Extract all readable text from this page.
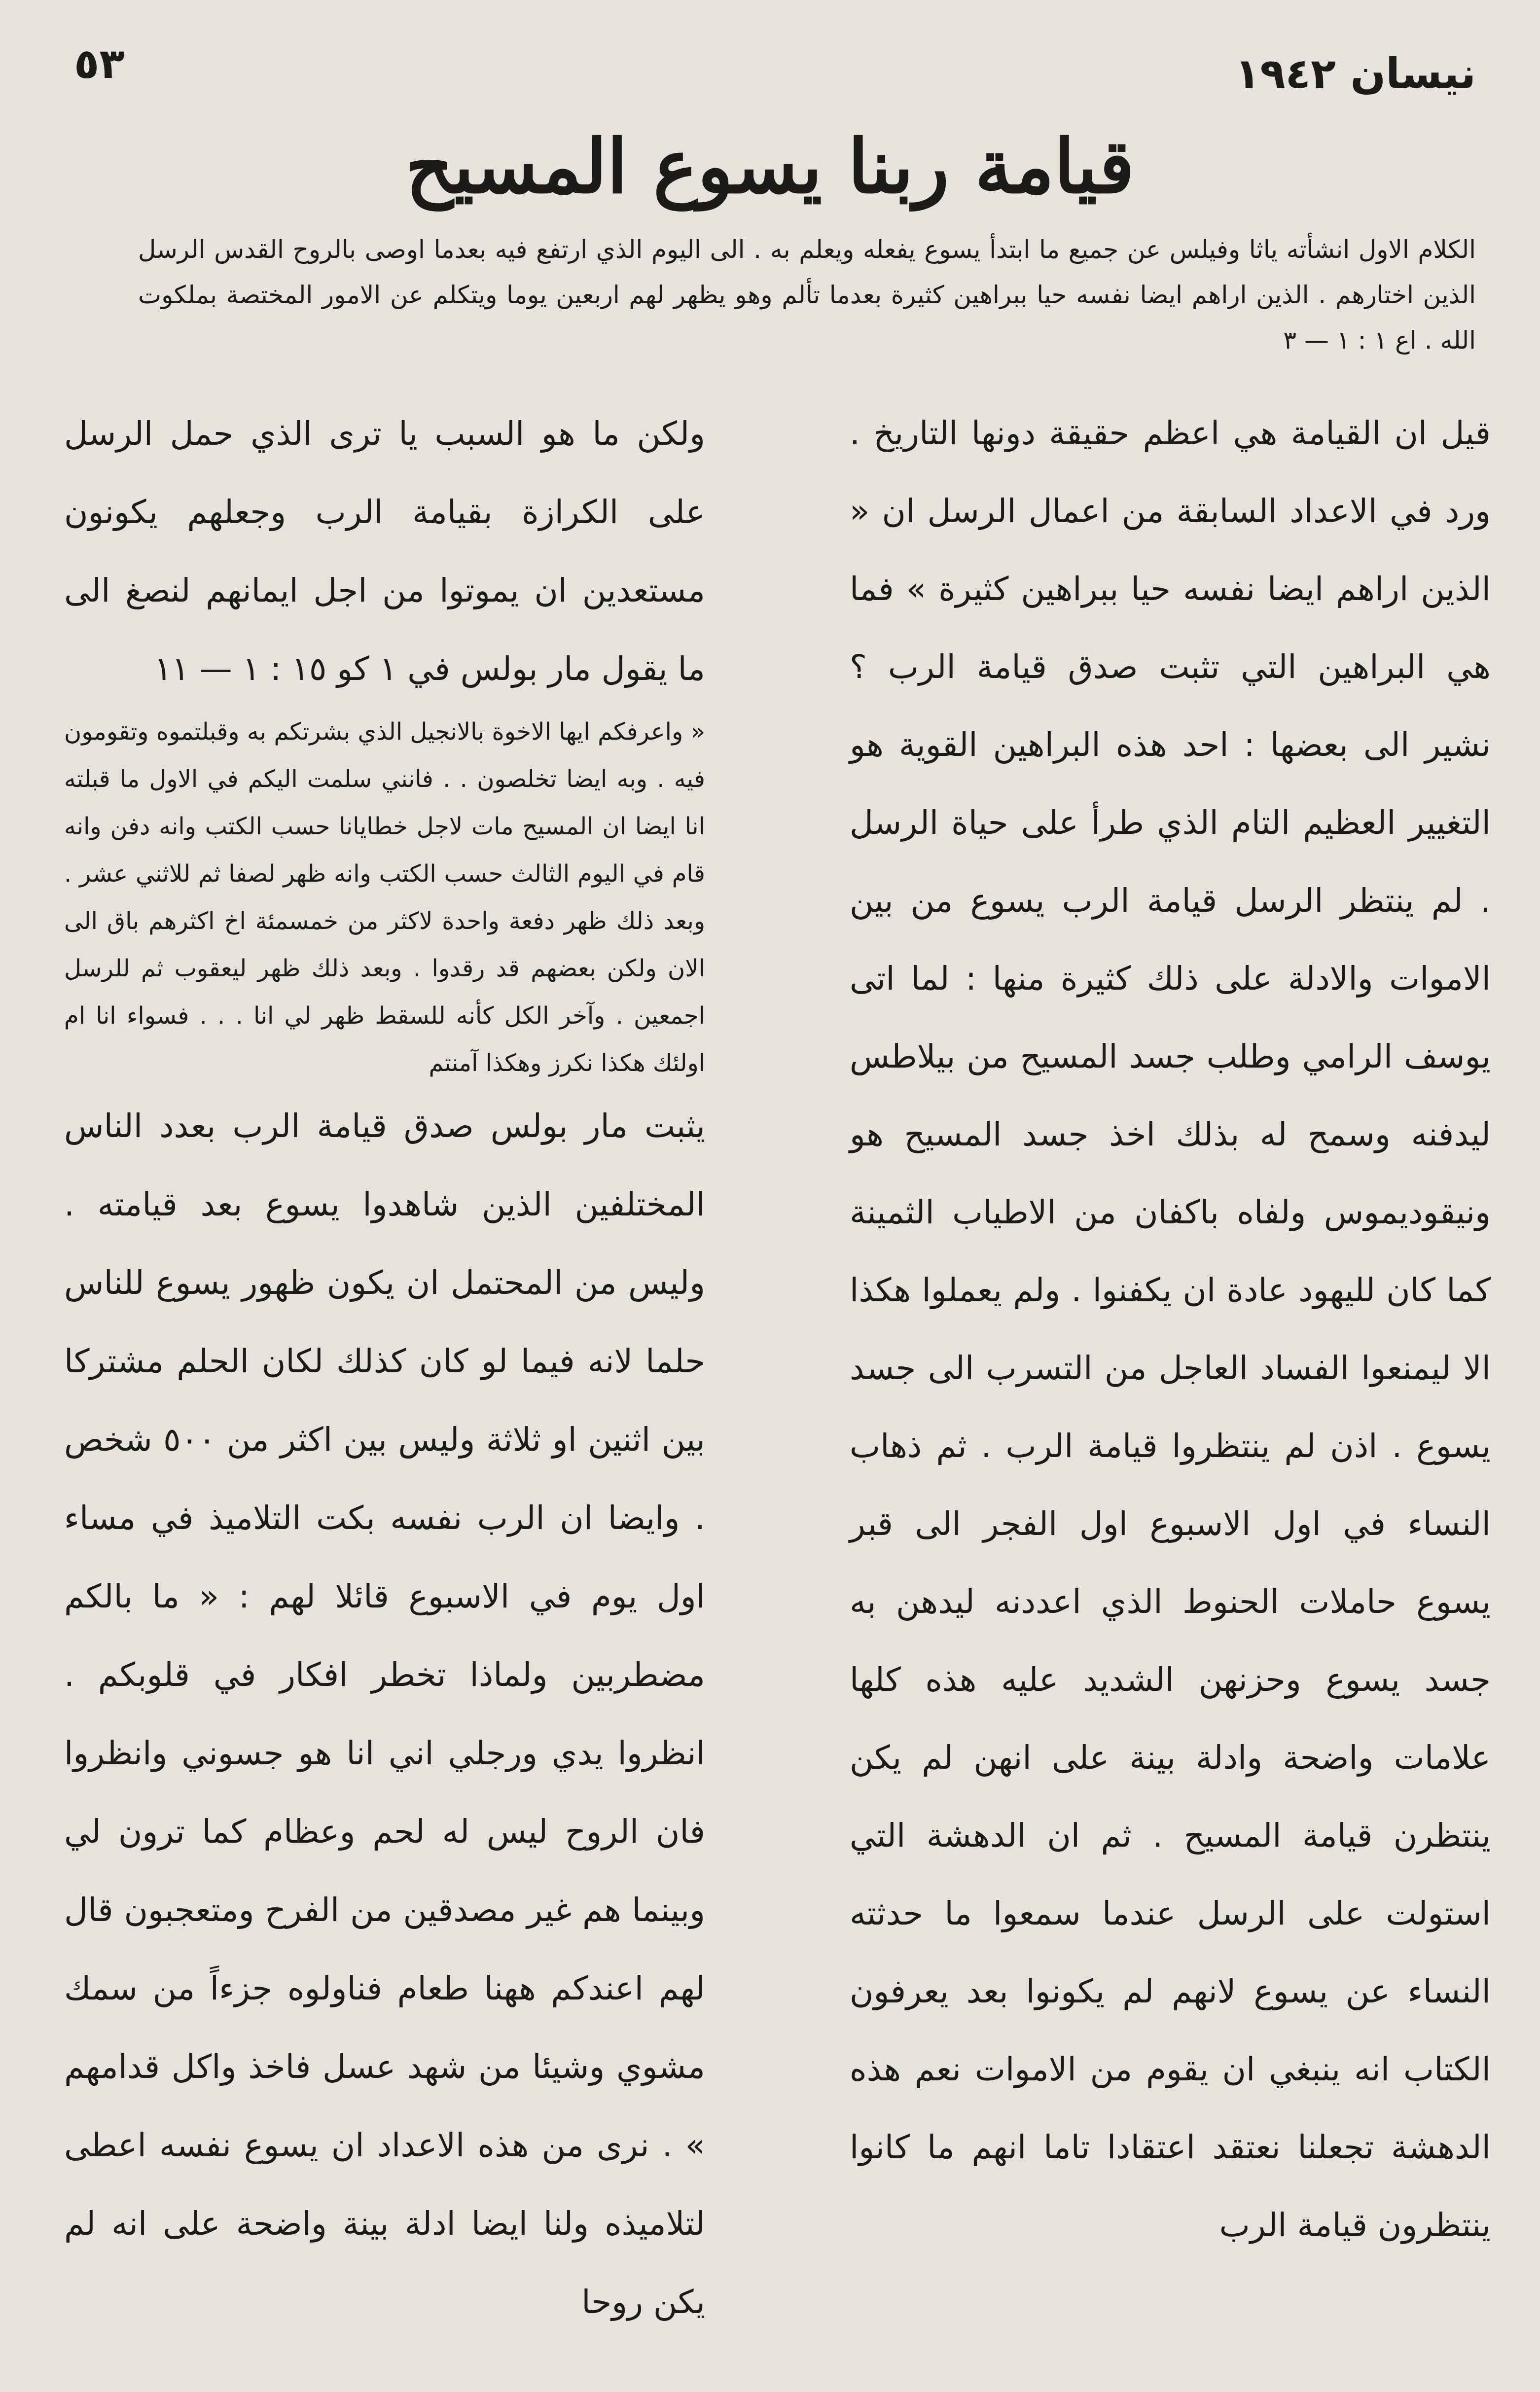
٥٣	نيسان ١٩٤٢
قيامة ربنا يسوع المسيح
الكلام الاول انشأته ياثا وفيلس عن جميع ما ابتدأ يسوع يفعله ويعلم به . الى اليوم الذي ارتفع فيه بعدما اوصى بالروح القدس الرسل الذين اختارهم . الذين اراهم ايضا نفسه حيا ببراهين كثيرة بعدما تألم وهو يظهر لهم اربعين يوما ويتكلم عن الامور المختصة بملكوت الله . اع ١ : ١ — ٣

قيل ان القيامة هي اعظم حقيقة دونها التاريخ . ورد في الاعداد السابقة من اعمال الرسل ان « الذين اراهم ايضا نفسه حيا ببراهين كثيرة » فما هي البراهين التي تثبت صدق قيامة الرب ؟ نشير الى بعضها : احد هذه البراهين القوية هو التغيير العظيم التام الذي طرأ على حياة الرسل . لم ينتظر الرسل قيامة الرب يسوع من بين الاموات والادلة على ذلك كثيرة منها : لما اتى يوسف الرامي وطلب جسد المسيح من بيلاطس ليدفنه وسمح له بذلك اخذ جسد المسيح هو ونيقوديموس ولفاه باكفان من الاطياب الثمينة كما كان لليهود عادة ان يكفنوا . ولم يعملوا هكذا الا ليمنعوا الفساد العاجل من التسرب الى جسد يسوع . اذن لم ينتظروا قيامة الرب . ثم ذهاب النساء في اول الاسبوع اول الفجر الى قبر يسوع حاملات الحنوط الذي اعددنه ليدهن به جسد يسوع وحزنهن الشديد عليه هذه كلها علامات واضحة وادلة بينة على انهن لم يكن ينتظرن قيامة المسيح . ثم ان الدهشة التي استولت على الرسل عندما سمعوا ما حدثته النساء عن يسوع لانهم لم يكونوا بعد يعرفون الكتاب انه ينبغي ان يقوم من الاموات نعم هذه الدهشة تجعلنا نعتقد اعتقادا تاما انهم ما كانوا ينتظرون قيامة الرب

ولكن ما هو السبب يا ترى الذي حمل الرسل على الكرازة بقيامة الرب وجعلهم يكونون مستعدين ان يموتوا من اجل ايمانهم لنصغ الى ما يقول مار بولس في ١ كو ١٥ : ١ — ١١

« واعرفكم ايها الاخوة بالانجيل الذي بشرتكم به وقبلتموه وتقومون فيه . وبه ايضا تخلصون . . فانني سلمت اليكم في الاول ما قبلته انا ايضا ان المسيح مات لاجل خطايانا حسب الكتب وانه دفن وانه قام في اليوم الثالث حسب الكتب وانه ظهر لصفا ثم للاثني عشر . وبعد ذلك ظهر دفعة واحدة لاكثر من خمسمئة اخ اكثرهم باق الى الان ولكن بعضهم قد رقدوا . وبعد ذلك ظهر ليعقوب ثم للرسل اجمعين . وآخر الكل كأنه للسقط ظهر لي انا . . . فسواء انا ام اولئك هكذا نكرز وهكذا آمنتم

يثبت مار بولس صدق قيامة الرب بعدد الناس المختلفين الذين شاهدوا يسوع بعد قيامته . وليس من المحتمل ان يكون ظهور يسوع للناس حلما لانه فيما لو كان كذلك لكان الحلم مشتركا بين اثنين او ثلاثة وليس بين اكثر من ٥٠٠ شخص . وايضا ان الرب نفسه بكت التلاميذ في مساء اول يوم في الاسبوع قائلا لهم : « ما بالكم مضطربين ولماذا تخطر افكار في قلوبكم . انظروا يدي ورجلي اني انا هو جسوني وانظروا فان الروح ليس له لحم وعظام كما ترون لي وبينما هم غير مصدقين من الفرح ومتعجبون قال لهم اعندكم ههنا طعام فناولوه جزءاً من سمك مشوي وشيئا من شهد عسل فاخذ واكل قدامهم » . نرى من هذه الاعداد ان يسوع نفسه اعطى لتلاميذه ولنا ايضا ادلة بينة واضحة على انه لم يكن روحا
